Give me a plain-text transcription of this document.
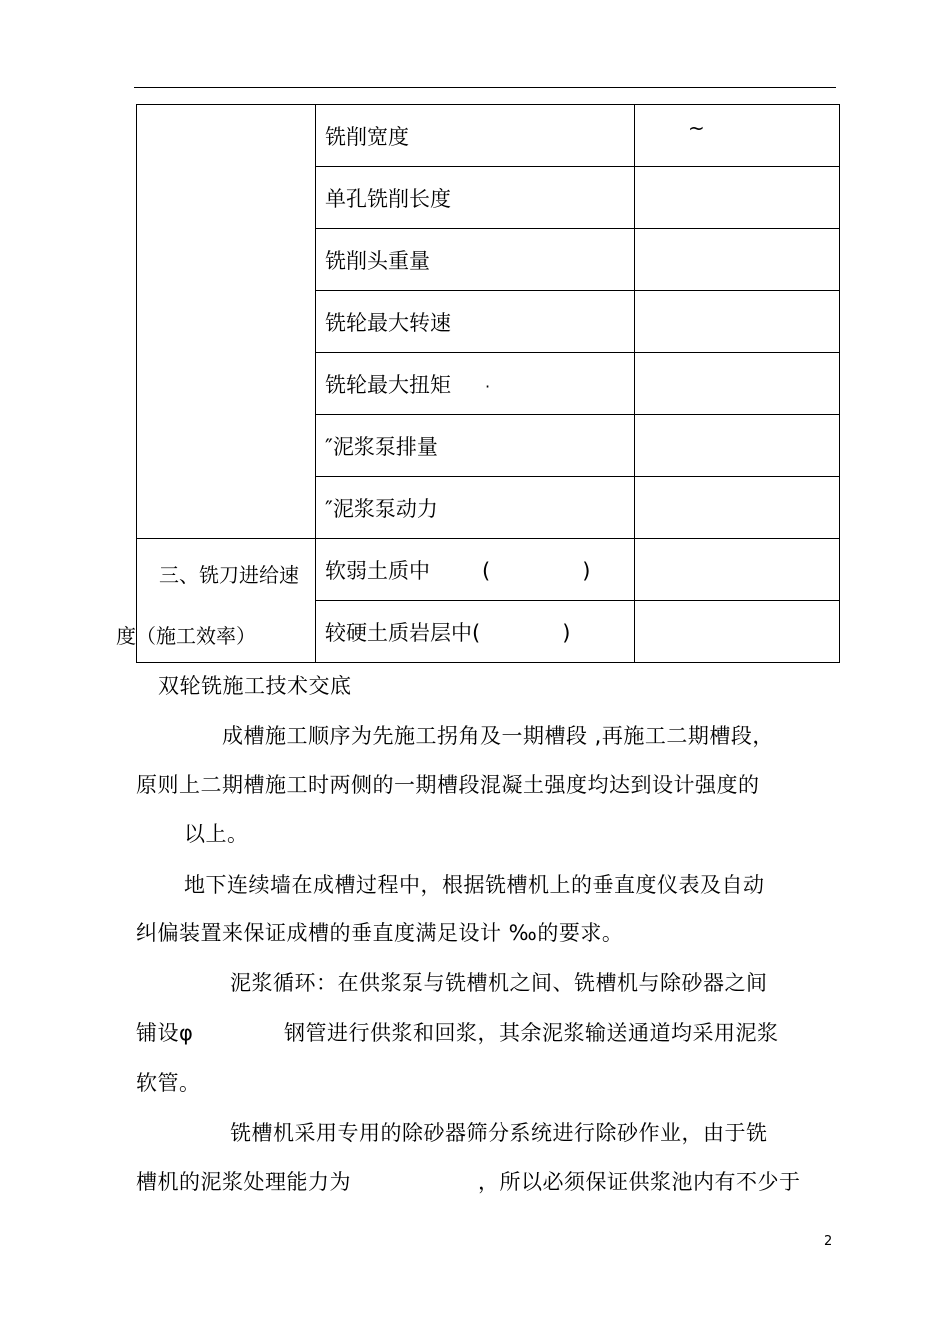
	铣削宽度	~

	单孔铣削长度	
	铣削头重量	
	铣轮最大转速	
	铣轮最大扭矩 ·	
	″泥浆泵排量	
	″泥浆泵动力	

三、铣刀进给速
度（施工效率）	软弱土质中 ( )	
	较硬土质岩层中( )	
双轮铣施工技术交底
成槽施工顺序为先施工拐角及一期槽段 ,再施工二期槽段，
原则上二期槽施工时两侧的一期槽段混凝土强度均达到设计强度的
以上。
地下连续墙在成槽过程中，根据铣槽机上的垂直度仪表及自动
纠偏装置来保证成槽的垂直度满足设计 ‰的要求。
泥浆循环：在供浆泵与铣槽机之间、铣槽机与除砂器之间
铺设φ	钢管进行供浆和回浆，其余泥浆输送通道均采用泥浆
软管。
铣槽机采用专用的除砂器筛分系统进行除砂作业，由于铣
槽机的泥浆处理能力为	，所以必须保证供浆池内有不少于
2
